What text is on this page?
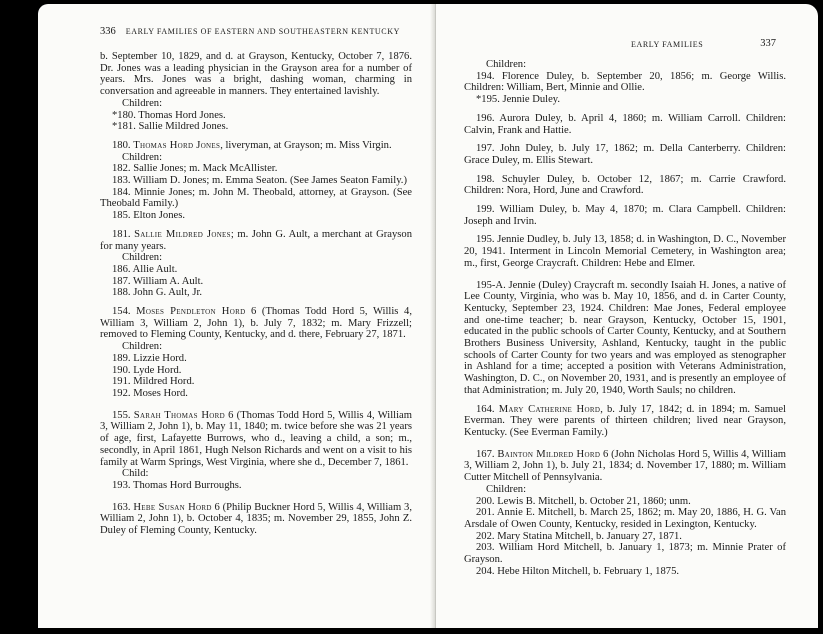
336 EARLY FAMILIES OF EASTERN AND SOUTHEASTERN KENTUCKY

b. September 10, 1829, and d. at Grayson, Kentucky, October 7, 1876. Dr. Jones was a leading physician in the Grayson area for a number of years. Mrs. Jones was a bright, dashing woman, charming in conversation and agreeable in manners. They entertained lavishly.

Children:

*180. Thomas Hord Jones.

*181. Sallie Mildred Jones.

180. Thomas Hord Jones, liveryman, at Grayson; m. Miss Virgin.

Children:

182. Sallie Jones; m. Mack McAllister.

183. William D. Jones; m. Emma Seaton. (See James Seaton Family.)

184. Minnie Jones; m. John M. Theobald, attorney, at Grayson. (See Theobald Family.)

185. Elton Jones.

181. Sallie Mildred Jones; m. John G. Ault, a merchant at Grayson for many years.

Children:

186. Allie Ault.

187. William A. Ault.

188. John G. Ault, Jr.

154. Moses Pendleton Hord 6 (Thomas Todd Hord 5, Willis 4, William 3, William 2, John 1), b. July 7, 1832; m. Mary Frizzell; removed to Fleming County, Kentucky, and d. there, February 27, 1871.

Children:

189. Lizzie Hord.

190. Lyde Hord.

191. Mildred Hord.

192. Moses Hord.

155. Sarah Thomas Hord 6 (Thomas Todd Hord 5, Willis 4, William 3, William 2, John 1), b. May 11, 1840; m. twice before she was 21 years of age, first, Lafayette Burrows, who d., leaving a child, a son; m., secondly, in April 1861, Hugh Nelson Richards and went on a visit to his family at Warm Springs, West Virginia, where she d., December 7, 1861.

Child:

193. Thomas Hord Burroughs.

163. Hebe Susan Hord 6 (Philip Buckner Hord 5, Willis 4, William 3, William 2, John 1), b. October 4, 1835; m. November 29, 1855, John Z. Duley of Fleming County, Kentucky.

EARLY FAMILIES	337

Children:

194. Florence Duley, b. September 20, 1856; m. George Willis. Children: William, Bert, Minnie and Ollie.

*195. Jennie Duley.

196. Aurora Duley, b. April 4, 1860; m. William Carroll. Children: Calvin, Frank and Hattie.

197. John Duley, b. July 17, 1862; m. Della Canterberry. Children: Grace Duley, m. Ellis Stewart.

198. Schuyler Duley, b. October 12, 1867; m. Carrie Crawford. Children: Nora, Hord, June and Crawford.

199. William Duley, b. May 4, 1870; m. Clara Campbell. Children: Joseph and Irvin.

195. Jennie Dudley, b. July 13, 1858; d. in Washington, D. C., November 20, 1941. Interment in Lincoln Memorial Cemetery, in Washington area; m., first, George Craycraft. Children: Hebe and Elmer.

195-A. Jennie (Duley) Craycraft m. secondly Isaiah H. Jones, a native of Lee County, Virginia, who was b. May 10, 1856, and d. in Carter County, Kentucky, September 23, 1924. Children: Mae Jones, Federal employee and one-time teacher; b. near Grayson, Kentucky, October 15, 1901, educated in the public schools of Carter County, Kentucky, and at Southern Brothers Business University, Ashland, Kentucky, taught in the public schools of Carter County for two years and was employed as stenographer in Ashland for a time; accepted a position with Veterans Administration, Washington, D. C., on November 20, 1931, and is presently an employee of that Administration; m. July 20, 1940, Worth Sauls; no children.

164. Mary Catherine Hord, b. July 17, 1842; d. in 1894; m. Samuel Everman. They were parents of thirteen children; lived near Grayson, Kentucky. (See Everman Family.)

167. Bainton Mildred Hord 6 (John Nicholas Hord 5, Willis 4, William 3, William 2, John 1), b. July 21, 1834; d. November 17, 1880; m. William Cutter Mitchell of Pennsylvania.

Children:

200. Lewis B. Mitchell, b. October 21, 1860; unm.

201. Annie E. Mitchell, b. March 25, 1862; m. May 20, 1886, H. G. Van Arsdale of Owen County, Kentucky, resided in Lexington, Kentucky.

202. Mary Statina Mitchell, b. January 27, 1871.

203. William Hord Mitchell, b. January 1, 1873; m. Minnie Prater of Grayson.

204. Hebe Hilton Mitchell, b. February 1, 1875.
